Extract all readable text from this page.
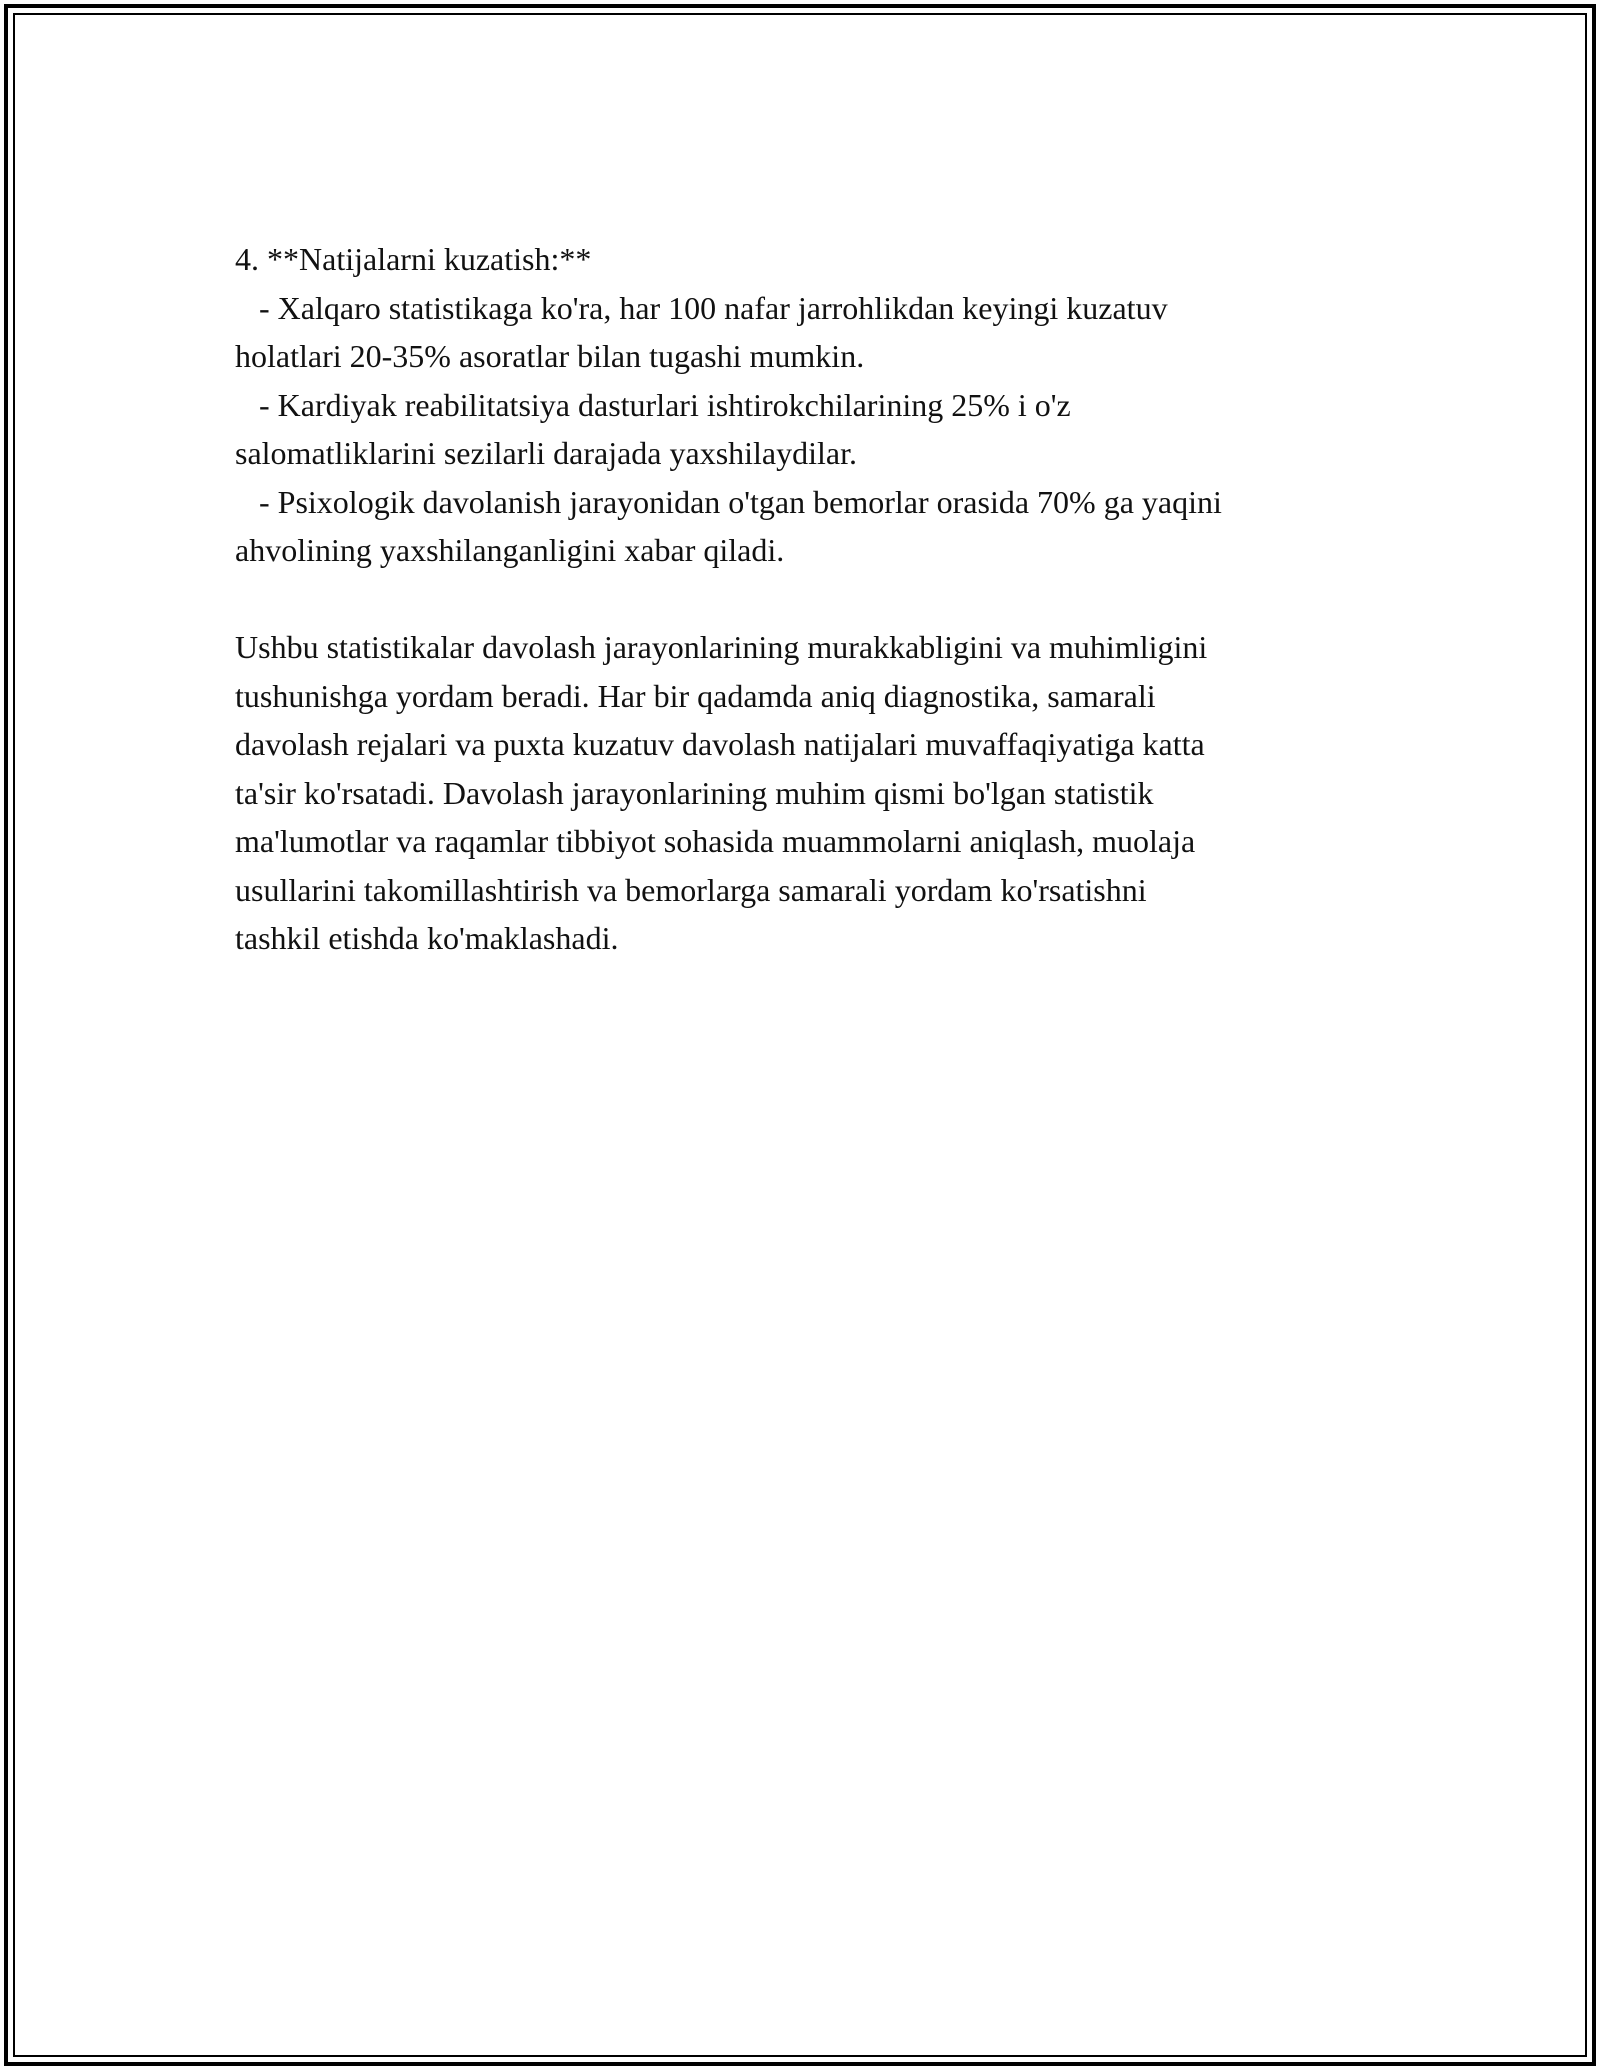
4. **Natijalarni kuzatish:**
- Xalqaro statistikaga ko'ra, har 100 nafar jarrohlikdan keyingi kuzatuv
holatlari 20-35% asoratlar bilan tugashi mumkin.
- Kardiyak reabilitatsiya dasturlari ishtirokchilarining 25% i o'z
salomatliklarini sezilarli darajada yaxshilaydilar.
- Psixologik davolanish jarayonidan o'tgan bemorlar orasida 70% ga yaqini
ahvolining yaxshilanganligini xabar qiladi.
Ushbu statistikalar davolash jarayonlarining murakkabligini va muhimligini
tushunishga yordam beradi. Har bir qadamda aniq diagnostika, samarali
davolash rejalari va puxta kuzatuv davolash natijalari muvaffaqiyatiga katta
ta'sir ko'rsatadi. Davolash jarayonlarining muhim qismi bo'lgan statistik
ma'lumotlar va raqamlar tibbiyot sohasida muammolarni aniqlash, muolaja
usullarini takomillashtirish va bemorlarga samarali yordam ko'rsatishni
tashkil etishda ko'maklashadi.
